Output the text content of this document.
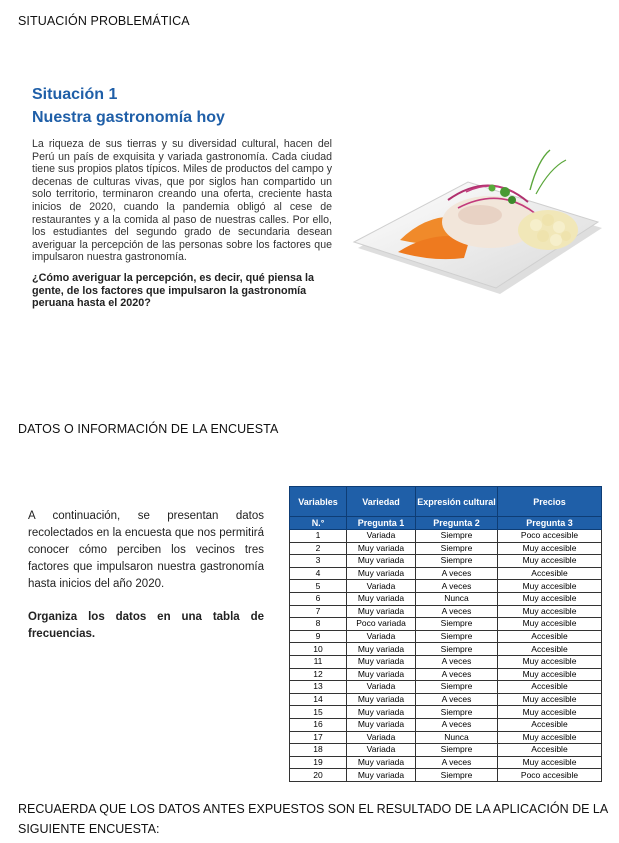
SITUACIÓN PROBLEMÁTICA

Situación 1

Nuestra gastronomía hoy

La riqueza de sus tierras y su diversidad cultural, hacen del Perú un país de exquisita y variada gastronomía. Cada ciudad tiene sus propios platos típicos. Miles de productos del campo y decenas de culturas vivas, que por siglos han compartido un solo territorio, terminaron creando una oferta, creciente hasta inicios de 2020, cuando la pandemia obligó al cese de restaurantes y a la comida al paso de nuestras calles. Por ello, los estudiantes del segundo grado de secundaria desean averiguar la percepción de las personas sobre los factores que impulsaron nuestra gastronomía.

¿Cómo averiguar la percepción, es decir, qué piensa la gente, de los factores que impulsaron la gastronomía peruana hasta el 2020?

DATOS O INFORMACIÓN DE LA ENCUESTA

A continuación, se presentan datos recolectados en la encuesta que nos permitirá conocer cómo perciben los vecinos tres factores que impulsaron nuestra gastronomía hasta inicios del año 2020.

Organiza los datos en una tabla de frecuencias.

Variables	Variedad	Expresión cultural	Precios
N.°	Pregunta 1	Pregunta 2	Pregunta 3
1	Variada	Siempre	Poco accesible
2	Muy variada	Siempre	Muy accesible
3	Muy variada	Siempre	Muy accesible
4	Muy variada	A veces	Accesible
5	Variada	A veces	Muy accesible
6	Muy variada	Nunca	Muy accesible
7	Muy variada	A veces	Muy accesible
8	Poco variada	Siempre	Muy accesible
9	Variada	Siempre	Accesible
10	Muy variada	Siempre	Accesible
11	Muy variada	A veces	Muy accesible
12	Muy variada	A veces	Muy accesible
13	Variada	Siempre	Accesible
14	Muy variada	A veces	Muy accesible
15	Muy variada	Siempre	Muy accesible
16	Muy variada	A veces	Accesible
17	Variada	Nunca	Muy accesible
18	Variada	Siempre	Accesible
19	Muy variada	A veces	Muy accesible
20	Muy variada	Siempre	Poco accesible
RECUAERDA QUE LOS DATOS ANTES EXPUESTOS SON EL RESULTADO DE LA APLICACIÓN DE LA SIGUIENTE ENCUESTA:
